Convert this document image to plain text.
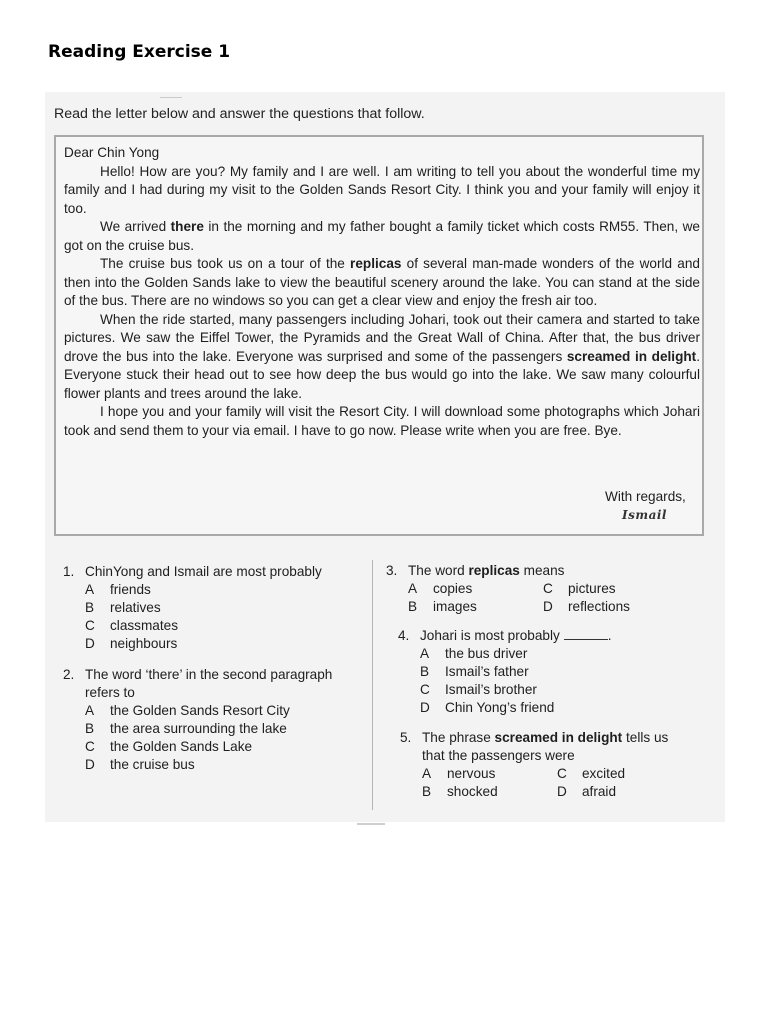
Reading Exercise 1
Read the letter below and answer the questions that follow.

Dear Chin Yong

Hello! How are you? My family and I are well. I am writing to tell you about the wonderful time my family and I had during my visit to the Golden Sands Resort City. I think you and your family will enjoy it too.

We arrived there in the morning and my father bought a family ticket which costs RM55. Then, we got on the cruise bus.

The cruise bus took us on a tour of the replicas of several man-made wonders of the world and then into the Golden Sands lake to view the beautiful scenery around the lake. You can stand at the side of the bus. There are no windows so you can get a clear view and enjoy the fresh air too.

When the ride started, many passengers including Johari, took out their camera and started to take pictures. We saw the Eiffel Tower, the Pyramids and the Great Wall of China. After that, the bus driver drove the bus into the lake. Everyone was surprised and some of the passengers screamed in delight. Everyone stuck their head out to see how deep the bus would go into the lake. We saw many colourful flower plants and trees around the lake.

I hope you and your family will visit the Resort City. I will download some photographs which Johari took and send them to your via email. I have to go now. Please write when you are free. Bye.

With regards,
Ismail
1. ChinYong and Ismail are most probably
A	friends
B	relatives
C	classmates
D	neighbours
2. The word ‘there’ in the second paragraph
refers to
A	the Golden Sands Resort City
B	the area surrounding the lake
C	the Golden Sands Lake
D	the cruise bus
3. The word replicas means
A	copies	C	pictures
B	images	D	reflections
4. Johari is most probably	.
A	the bus driver
B	Ismail’s father
C	Ismail’s brother
D	Chin Yong’s friend
5. The phrase screamed in delight tells us
that the passengers were
A	nervous	C	excited
B	shocked	D	afraid
